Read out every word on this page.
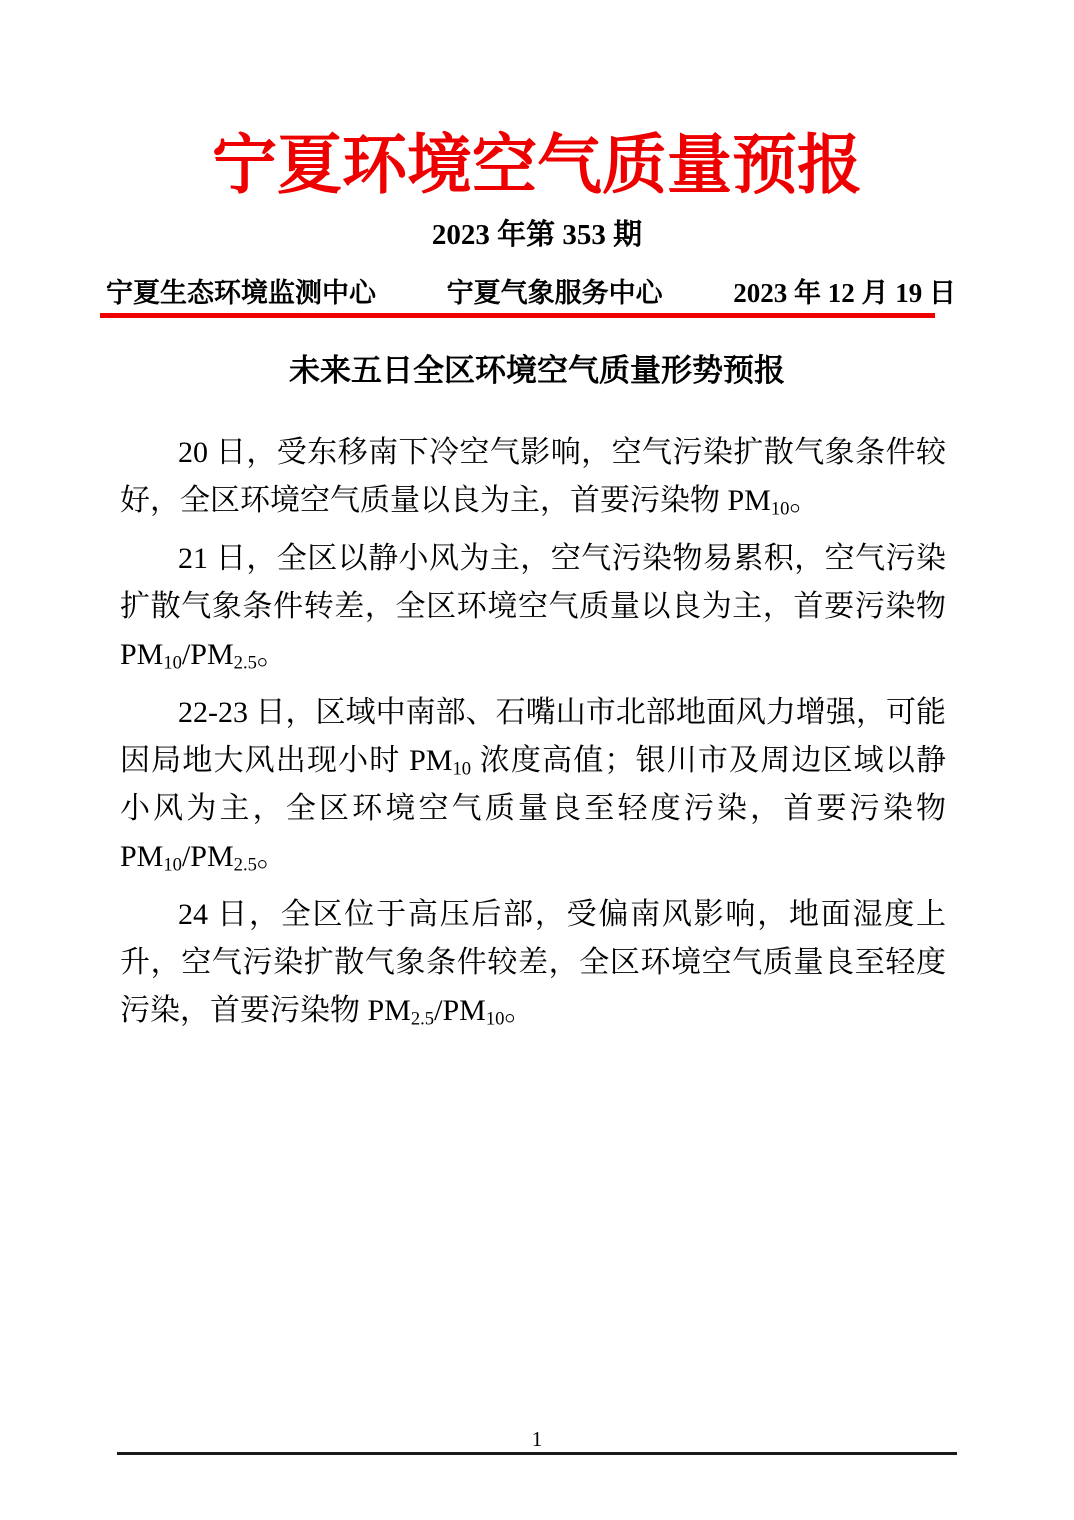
宁夏环境空气质量预报
2023 年第 353 期
宁夏生态环境监测中心	宁夏气象服务中心	2023 年 12 月 19 日
未来五日全区环境空气质量形势预报

20 日，受东移南下冷空气影响，空气污染扩散气象条件较好，全区环境空气质量以良为主，首要污染物 $PM_{10}$。

21 日，全区以静小风为主，空气污染物易累积，空气污染扩散气象条件转差，全区环境空气质量以良为主，首要污染物 $PM_{10}/PM_{2.5}$。

22-23 日，区域中南部、石嘴山市北部地面风力增强，可能因局地大风出现小时 $PM_{10}$ 浓度高值；银川市及周边区域以静小风为主，全区环境空气质量良至轻度污染，首要污染物 $PM_{10}/PM_{2.5}$。

24 日，全区位于高压后部，受偏南风影响，地面湿度上升，空气污染扩散气象条件较差，全区环境空气质量良至轻度污染，首要污染物 $PM_{2.5}/PM_{10}$。

1
